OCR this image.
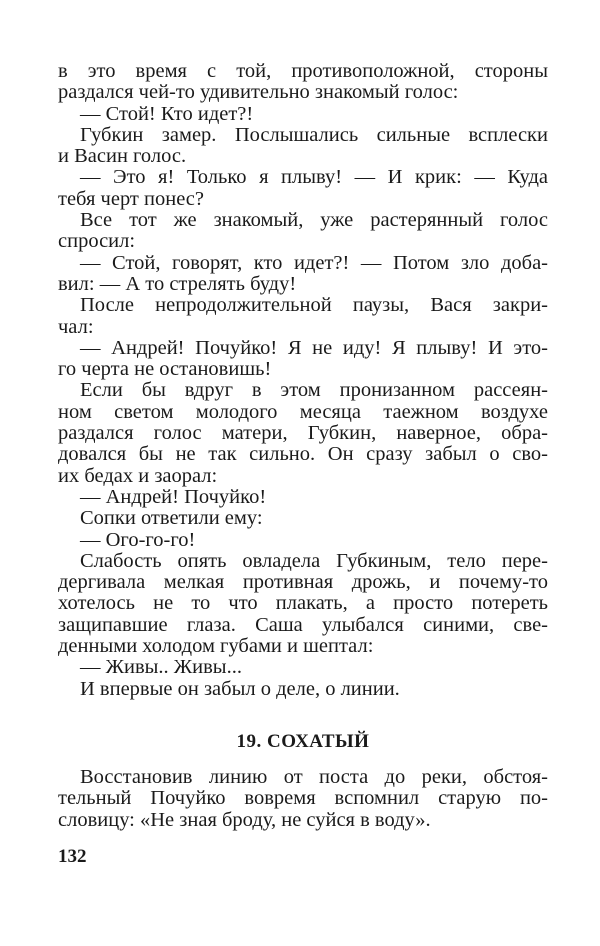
в это время с той, противоположной, стороны
раздался чей-то удивительно знакомый голос:
— Стой! Кто идет?!
Губкин замер. Послышались сильные всплески
и Васин голос.
— Это я! Только я плыву! — И крик: — Куда
тебя черт понес?
Все тот же знакомый, уже растерянный голос
спросил:
— Стой, говорят, кто идет?! — Потом зло доба-
вил: — А то стрелять буду!
После непродолжительной паузы, Вася закри-
чал:
— Андрей! Почуйко! Я не иду! Я плыву! И это-
го черта не остановишь!
Если бы вдруг в этом пронизанном рассеян-
ном светом молодого месяца таежном воздухе
раздался голос матери, Губкин, наверное, обра-
довался бы не так сильно. Он сразу забыл о сво-
их бедах и заорал:
— Андрей! Почуйко!
Сопки ответили ему:
— Ого-го-го!
Слабость опять овладела Губкиным, тело пере-
дергивала мелкая противная дрожь, и почему-то
хотелось не то что плакать, а просто потереть
защипавшие глаза. Саша улыбался синими, све-
денными холодом губами и шептал:
— Живы.. Живы...
И впервые он забыл о деле, о линии.
19. СОХАТЫЙ
Восстановив линию от поста до реки, обстоя-
тельный Почуйко вовремя вспомнил старую по-
словицу: «Не зная броду, не суйся в воду».
132
